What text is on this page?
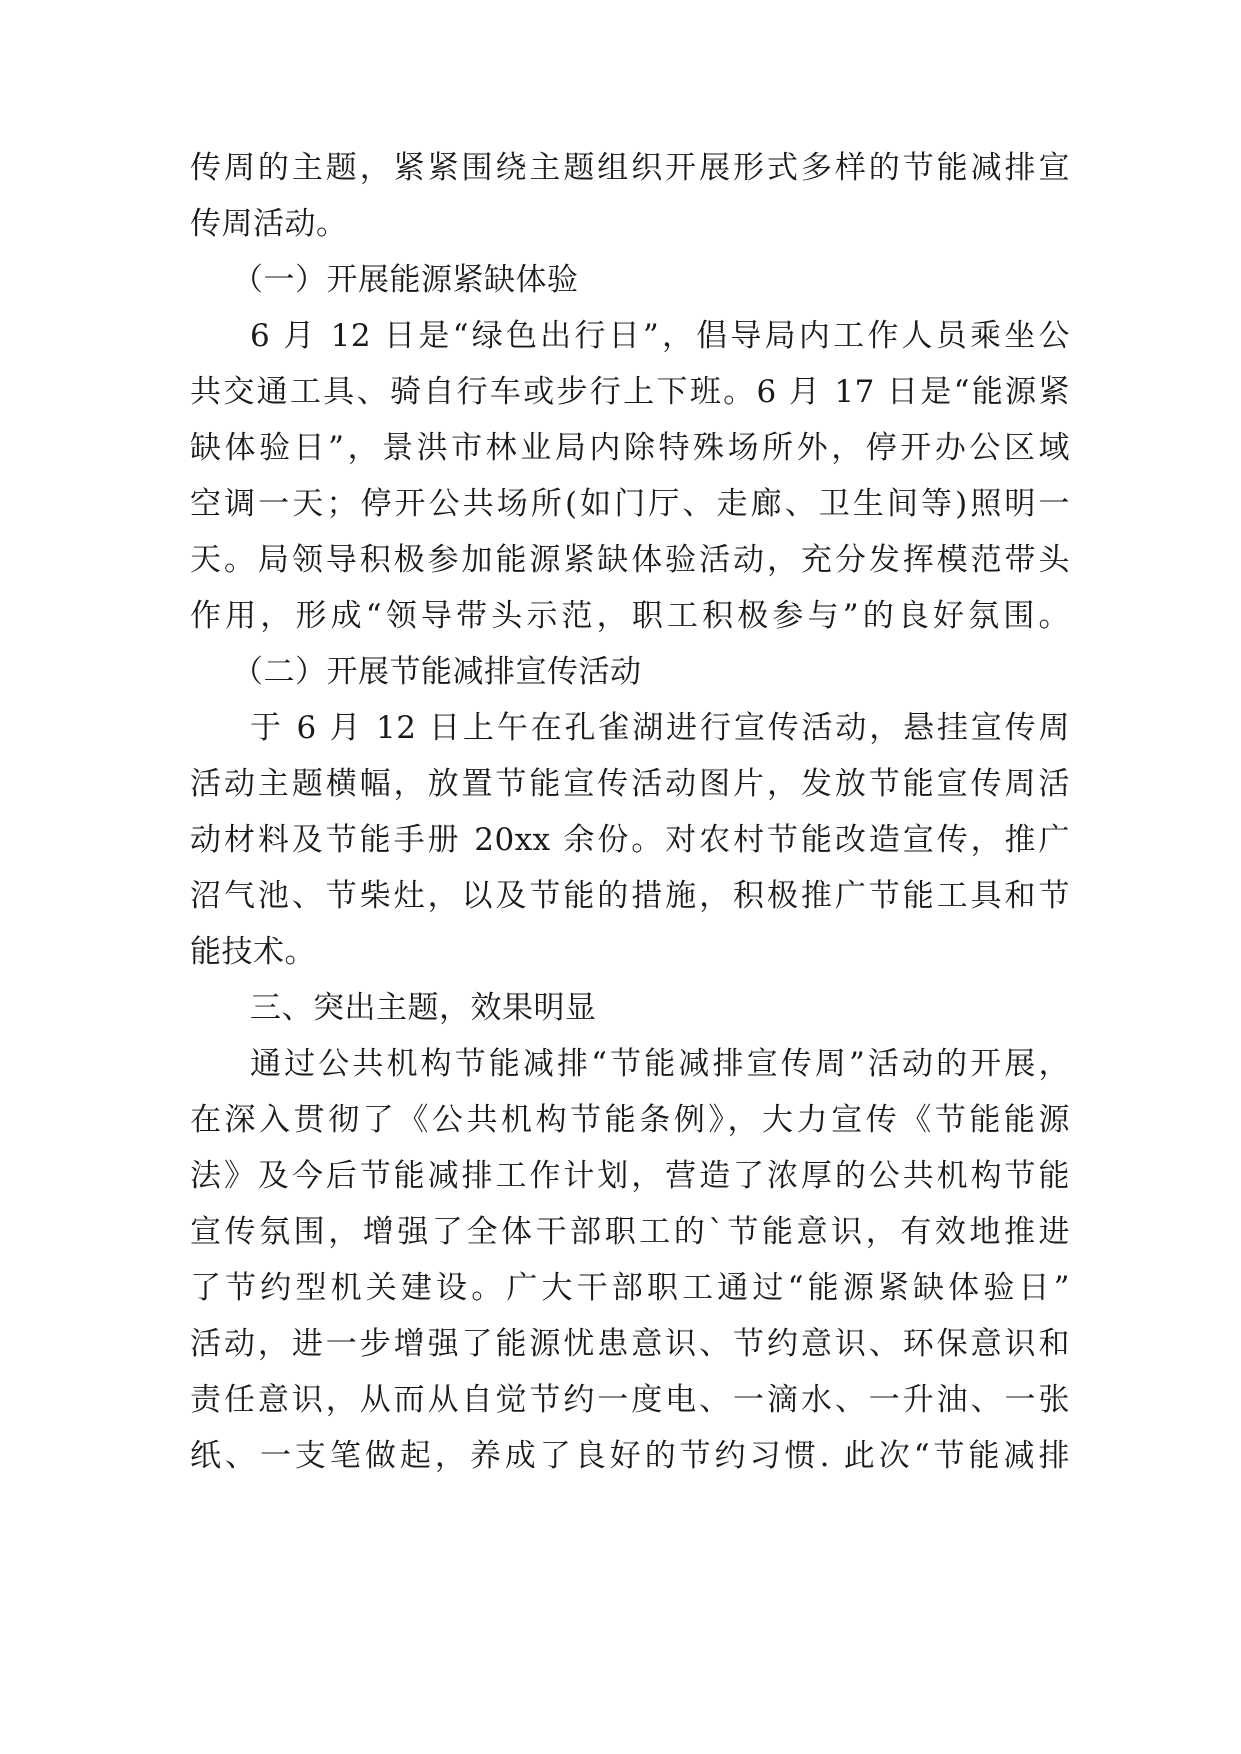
传周的主题，紧紧围绕主题组织开展形式多样的节能减排宣
传周活动。
（一）开展能源紧缺体验
6 月 12 日是“绿色出行日”，倡导局内工作人员乘坐公
共交通工具、骑自行车或步行上下班。6 月 17 日是“能源紧
缺体验日”，景洪市林业局内除特殊场所外，停开办公区域
空调一天；停开公共场所(如门厅、走廊、卫生间等)照明一
天。局领导积极参加能源紧缺体验活动，充分发挥模范带头
作用，形成“领导带头示范，职工积极参与”的良好氛围。
（二）开展节能减排宣传活动
于 6 月 12 日上午在孔雀湖进行宣传活动，悬挂宣传周
活动主题横幅，放置节能宣传活动图片，发放节能宣传周活
动材料及节能手册 20xx 余份。对农村节能改造宣传，推广
沼气池、节柴灶，以及节能的措施，积极推广节能工具和节
能技术。
三、突出主题，效果明显
通过公共机构节能减排“节能减排宣传周”活动的开展，
在深入贯彻了《公共机构节能条例》，大力宣传《节能能源
法》及今后节能减排工作计划，营造了浓厚的公共机构节能
宣传氛围，增强了全体干部职工的`节能意识，有效地推进
了节约型机关建设。广大干部职工通过“能源紧缺体验日”
活动，进一步增强了能源忧患意识、节约意识、环保意识和
责任意识，从而从自觉节约一度电、一滴水、一升油、一张
纸、一支笔做起，养成了良好的节约习惯. 此次“节能减排
